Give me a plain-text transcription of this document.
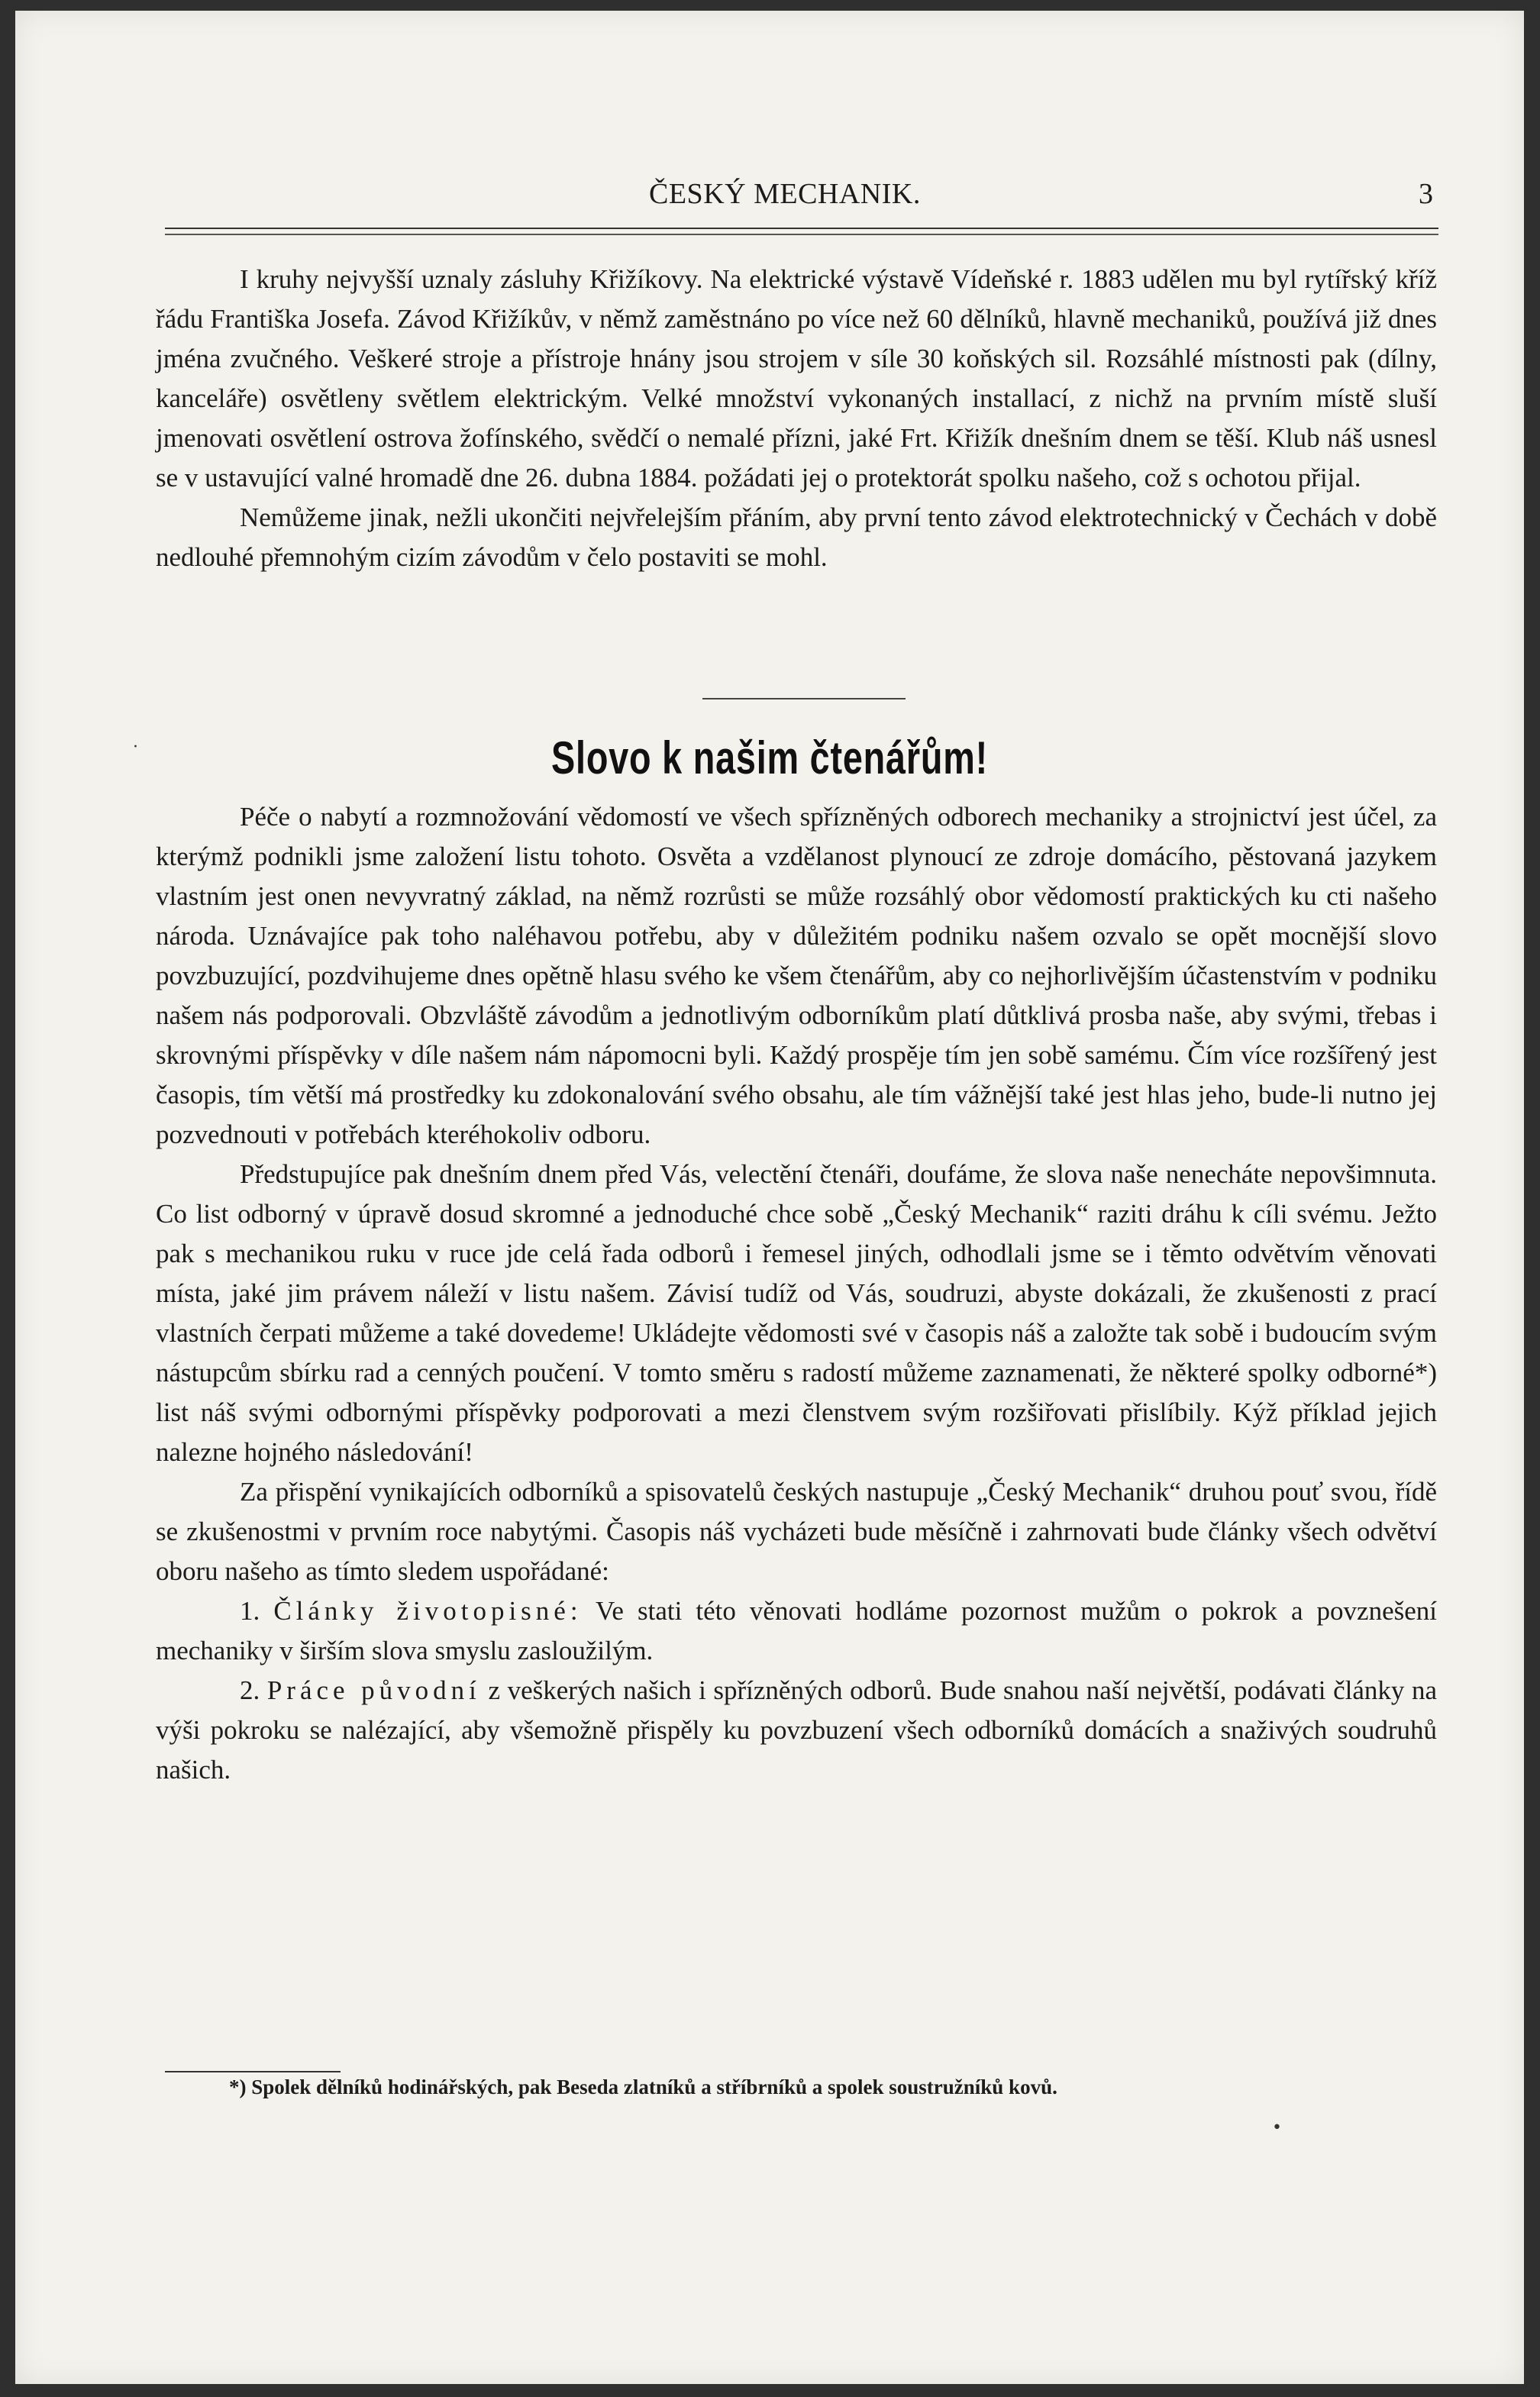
ČESKÝ MECHANIK.	3

I kruhy nejvyšší uznaly zásluhy Křižíkovy. Na elektrické výstavě Vídeňské r. 1883 udělen mu byl rytířský kříž řádu Františka Josefa. Závod Křižíkův, v němž zaměstnáno po více než 60 dělníků, hlavně mechaniků, používá již dnes jména zvučného. Veškeré stroje a přístroje hnány jsou strojem v síle 30 koňských sil. Rozsáhlé místnosti pak (dílny, kanceláře) osvětleny světlem elektrickým. Velké množství vykonaných installací, z nichž na prvním místě sluší jmenovati osvětlení ostrova žofínského, svědčí o nemalé přízni, jaké Frt. Křižík dnešním dnem se těší. Klub náš usnesl se v ustavující valné hromadě dne 26. dubna 1884. požádati jej o protektorát spolku našeho, což s ochotou přijal.

Nemůžeme jinak, nežli ukončiti nejvřelejším přáním, aby první tento závod elektrotechnický v Čechách v době nedlouhé přemnohým cizím závodům v čelo postaviti se mohl.

·	Slovo k našim čtenářům!

Péče o nabytí a rozmnožování vědomostí ve všech spřízněných odborech mechaniky a strojnictví jest účel, za kterýmž podnikli jsme založení listu tohoto. Osvěta a vzdělanost plynoucí ze zdroje domácího, pěstovaná jazykem vlastním jest onen nevyvratný základ, na němž rozrůsti se může rozsáhlý obor vědomostí praktických ku cti našeho národa. Uznávajíce pak toho naléhavou potřebu, aby v důležitém podniku našem ozvalo se opět mocnější slovo povzbuzující, pozdvihujeme dnes opětně hlasu svého ke všem čtenářům, aby co nejhorlivějším účastenstvím v podniku našem nás podporovali. Obzvláště závodům a jednotlivým odborníkům platí důtklivá prosba naše, aby svými, třebas i skrovnými příspěvky v díle našem nám nápomocni byli. Každý prospěje tím jen sobě samému. Čím více rozšířený jest časopis, tím větší má prostředky ku zdokonalování svého obsahu, ale tím vážnější také jest hlas jeho, bude-li nutno jej pozvednouti v potřebách kteréhokoliv odboru.

Předstupujíce pak dnešním dnem před Vás, velectění čtenáři, doufáme, že slova naše nenecháte nepovšimnuta. Co list odborný v úpravě dosud skromné a jednoduché chce sobě „Český Mechanik“ raziti dráhu k cíli svému. Ježto pak s mechanikou ruku v ruce jde celá řada odborů i řemesel jiných, odhodlali jsme se i těmto odvětvím věnovati místa, jaké jim právem náleží v listu našem. Závisí tudíž od Vás, soudruzi, abyste dokázali, že zkušenosti z prací vlastních čerpati můžeme a také dovedeme! Ukládejte vědomosti své v časopis náš a založte tak sobě i budoucím svým nástupcům sbírku rad a cenných poučení. V tomto směru s radostí můžeme zaznamenati, že některé spolky odborné*) list náš svými odbornými příspěvky podporovati a mezi členstvem svým rozšiřovati přislíbily. Kýž příklad jejich nalezne hojného následování!

Za přispění vynikajících odborníků a spisovatelů českých nastupuje „Český Mechanik“ druhou pouť svou, řídě se zkušenostmi v prvním roce nabytými. Časopis náš vycházeti bude měsíčně i zahrnovati bude články všech odvětví oboru našeho as tímto sledem uspořádané:

1. Články životopisné: Ve stati této věnovati hodláme pozornost mužům o pokrok a povznešení mechaniky v širším slova smyslu zasloužilým.

2. Práce původní z veškerých našich i spřízněných odborů. Bude snahou naší největší, podávati články na výši pokroku se nalézající, aby všemožně přispěly ku povzbuzení všech odborníků domácích a snaživých soudruhů našich.

*) Spolek dělníků hodinářských, pak Beseda zlatníků a stříbrníků a spolek soustružníků kovů.
•
